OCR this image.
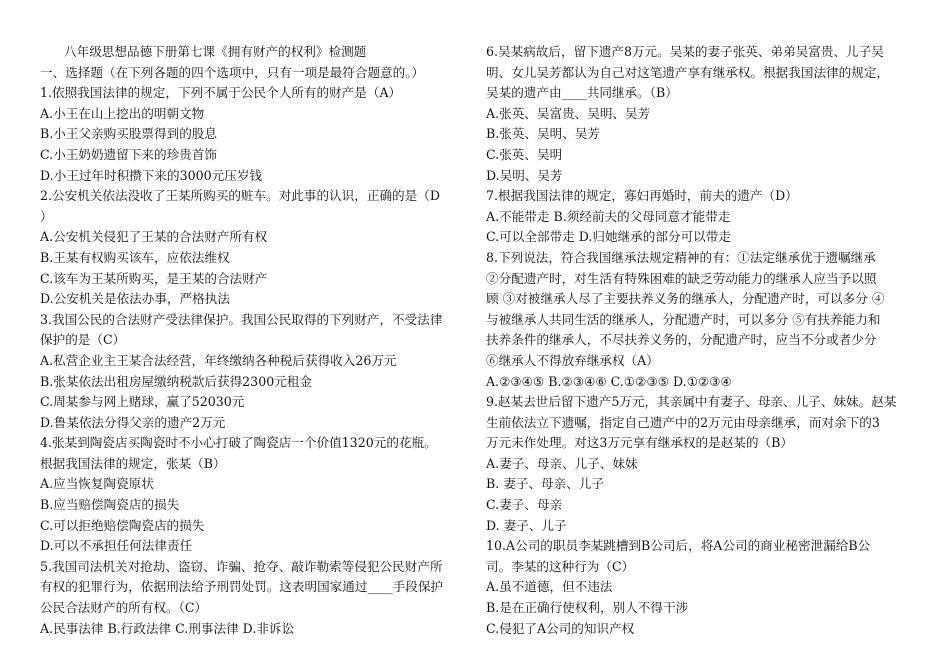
八年级思想品德下册第七课《拥有财产的权利》检测题
一、选择题（在下列各题的四个选项中，只有一项是最符合题意的。）
1.依照我国法律的规定，下列不属于公民个人所有的财产是（A）
A.小王在山上挖出的明朝文物
B.小王父亲购买股票得到的股息
C.小王奶奶遗留下来的珍贵首饰
D.小王过年时积攒下来的3000元压岁钱
2.公安机关依法没收了王某所购买的赃车。对此事的认识，正确的是（D
）
A.公安机关侵犯了王某的合法财产所有权
B.王某有权购买该车，应依法维权
C.该车为王某所购买，是王某的合法财产
D.公安机关是依法办事，严格执法
3.我国公民的合法财产受法律保护。我国公民取得的下列财产，不受法律
保护的是（C）
A.私营企业主王某合法经营，年终缴纳各种税后获得收入26万元
B.张某依法出租房屋缴纳税款后获得2300元租金
C.周某参与网上赌球，赢了52030元
D.鲁某依法分得父亲的遗产2万元
4.张某到陶瓷店买陶瓷时不小心打破了陶瓷店一个价值1320元的花瓶。
根据我国法律的规定，张某（B）
A.应当恢复陶瓷原状
B.应当赔偿陶瓷店的损失
C.可以拒绝赔偿陶瓷店的损失
D.可以不承担任何法律责任
5.我国司法机关对抢劫、盗窃、诈骗、抢夺、敲诈勒索等侵犯公民财产所
有权的犯罪行为，依据刑法给予刑罚处罚。这表明国家通过____手段保护
公民合法财产的所有权。（C）
A.民事法律 B.行政法律 C.刑事法律 D.非诉讼
6.吴某病故后，留下遗产8万元。吴某的妻子张英、弟弟吴富贵、儿子吴
明、女儿吴芳都认为自己对这笔遗产享有继承权。根据我国法律的规定，
吴某的遗产由____共同继承。（B）
A.张英、吴富贵、吴明、吴芳
B.张英、吴明、吴芳
C.张英、吴明
D.吴明、吴芳
7.根据我国法律的规定，寡妇再婚时，前夫的遗产（D）
A.不能带走 B.须经前夫的父母同意才能带走
C.可以全部带走 D.归她继承的部分可以带走
8.下列说法，符合我国继承法规定精神的有：①法定继承优于遗嘱继承
②分配遗产时，对生活有特殊困难的缺乏劳动能力的继承人应当予以照
顾 ③对被继承人尽了主要扶养义务的继承人，分配遗产时，可以多分 ④
与被继承人共同生活的继承人，分配遗产时，可以多分 ⑤有扶养能力和
扶养条件的继承人，不尽扶养义务的，分配遗产时，应当不分或者少分
⑥继承人不得放弃继承权（A）
A.②③④⑤ B.②③④⑥ C.①②③⑤ D.①②③④
9.赵某去世后留下遗产5万元，其亲属中有妻子、母亲、儿子、妹妹。赵某
生前依法立下遗嘱，指定自己遗产中的2万元由母亲继承，而对余下的3
万元未作处理。对这3万元享有继承权的是赵某的（B）
A.妻子、母亲、儿子、妹妹
B. 妻子、母亲、儿子
C.妻子、母亲
D. 妻子、儿子
10.A公司的职员李某跳槽到B公司后，将A公司的商业秘密泄漏给B公
司。李某的这种行为（C）
A.虽不道德，但不违法
B.是在正确行使权利，别人不得干涉
C.侵犯了A公司的知识产权
